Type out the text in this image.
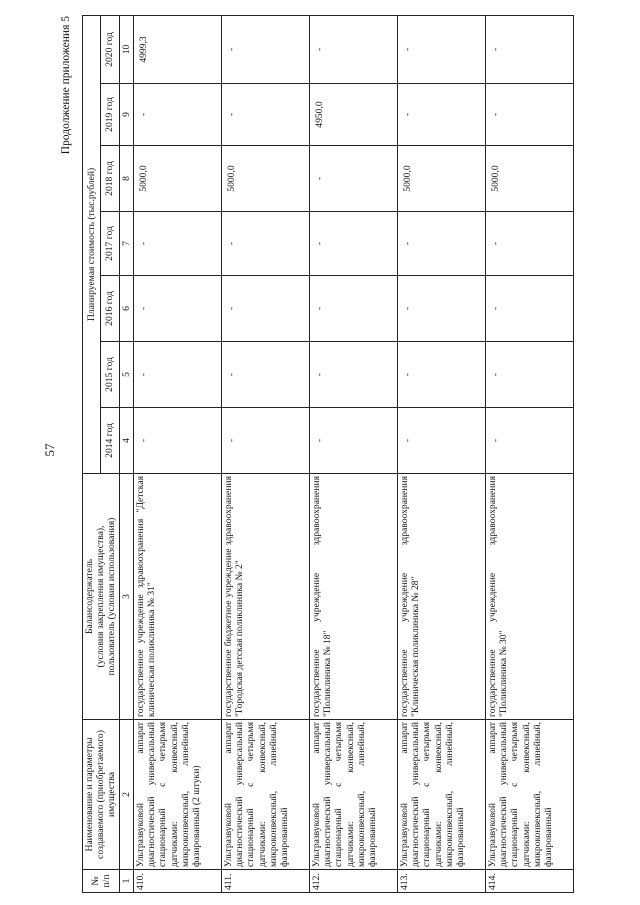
57
Продолжение приложения 5
№ п/п	Наименование и параметры создаваемого (приобретаемого) имущества	Балансодержатель
(условия закрепления имущества),
пользователь (условия использования)	Планируемая стоимость (тыс.рублей)						
			2014 год	2015 год	2016 год	2017 год	2018 год	2019 год	2020 год
1	2	3	4	5	6	7	8	9	10
410.	Ультразвуковой аппарат диагностический универсальный стационарный с четырьмя датчиками: конвексный, микроконвексный, линейный, фазированный (2 штуки)	государственное учреждение здравоохранения "Детская клиническая поликлиника № 31"	-	-	-	-	5000,0	-	4999,3
411.	Ультразвуковой аппарат диагностический универсальный стационарный с четырьмя датчиками: конвексный, микроконвексный, линейный, фазированный	государственное бюджетное учреждение здравоохранения "Городская детская поликлиника № 2"	-	-	-	-	5000,0	-	-
412.	Ультразвуковой аппарат диагностический универсальный стационарный с четырьмя датчиками: конвексный, микроконвексный, линейный, фазированный	государственное учреждение здравоохранения "Поликлиника № 18"	-	-	-	-	-	4950,0	-
413.	Ультразвуковой аппарат диагностический универсальный стационарный с четырьмя датчиками: конвексный, микроконвексный, линейный, фазированный	государственное учреждение здравоохранения "Клиническая поликлиника № 28"	-	-	-	-	5000,0	-	-
414.	Ультразвуковой аппарат диагностический универсальный стационарный с четырьмя датчиками: конвексный, микроконвексный, линейный, фазированный	государственное учреждение здравоохранения "Поликлиника № 30"	-	-	-	-	5000,0	-	-
